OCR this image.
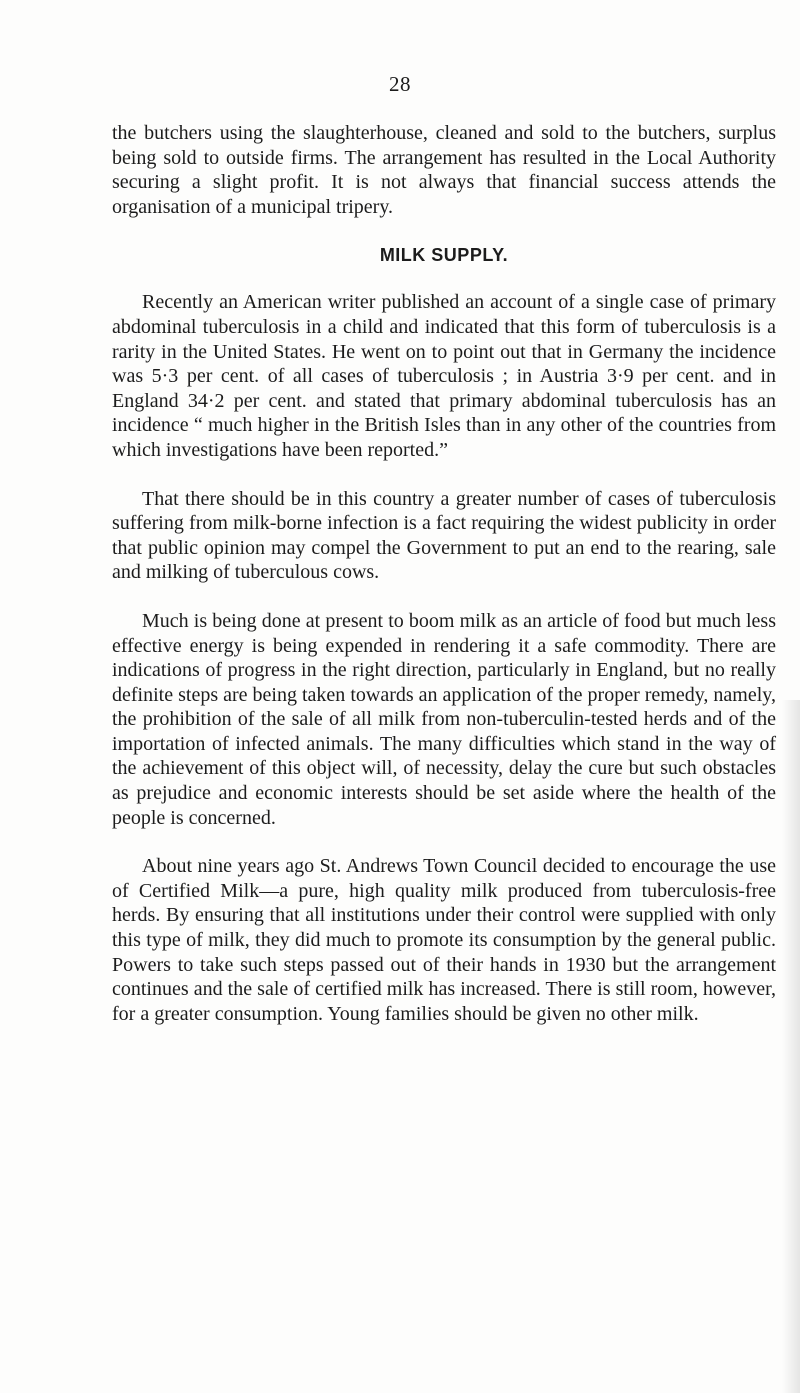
28

the butchers using the slaughterhouse, cleaned and sold to the butchers, surplus being sold to outside firms. The arrangement has resulted in the Local Authority securing a slight profit. It is not always that financial success attends the organisation of a municipal tripery.

MILK SUPPLY.

Recently an American writer published an account of a single case of primary abdominal tuberculosis in a child and indicated that this form of tuberculosis is a rarity in the United States. He went on to point out that in Germany the incidence was 5·3 per cent. of all cases of tuberculosis ; in Austria 3·9 per cent. and in England 34·2 per cent. and stated that primary abdominal tuberculosis has an incidence “ much higher in the British Isles than in any other of the countries from which investigations have been reported.”

That there should be in this country a greater number of cases of tuberculosis suffering from milk-borne infection is a fact requiring the widest publicity in order that public opinion may compel the Government to put an end to the rearing, sale and milking of tuberculous cows.

Much is being done at present to boom milk as an article of food but much less effective energy is being expended in rendering it a safe commodity. There are indications of progress in the right direction, particularly in England, but no really definite steps are being taken towards an application of the proper remedy, namely, the prohibition of the sale of all milk from non-tuberculin-tested herds and of the importation of infected animals. The many difficulties which stand in the way of the achievement of this object will, of necessity, delay the cure but such obstacles as prejudice and economic interests should be set aside where the health of the people is concerned.

About nine years ago St. Andrews Town Council decided to encourage the use of Certified Milk—a pure, high quality milk produced from tuberculosis-free herds. By ensuring that all institutions under their control were supplied with only this type of milk, they did much to promote its consumption by the general public. Powers to take such steps passed out of their hands in 1930 but the arrangement continues and the sale of certified milk has increased. There is still room, however, for a greater consumption. Young families should be given no other milk.
